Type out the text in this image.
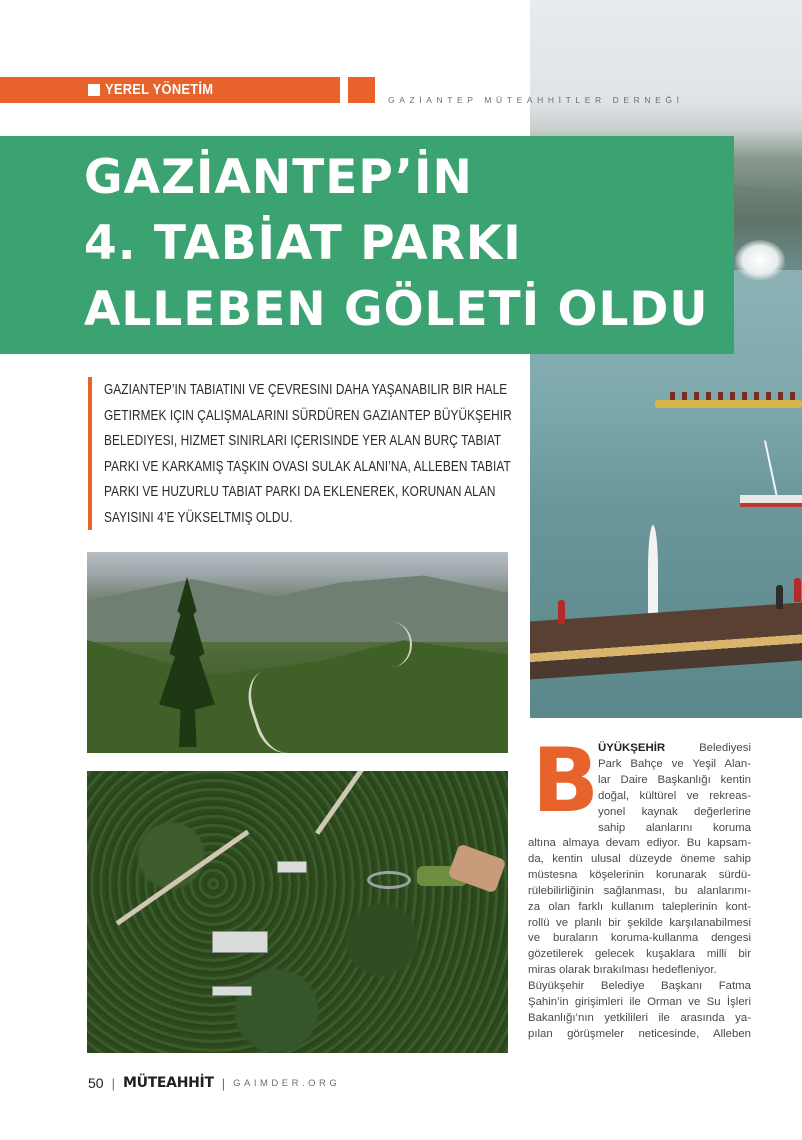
YEREL YÖNETİM
GAZİANTEP MÜTEAHHİTLER DERNEĞİ
GAZİANTEP’İN
4. TABİAT PARKI
ALLEBEN GÖLETİ OLDU

GAZIANTEP’IN TABIATINI VE ÇEVRESINI DAHA YAŞANABILIR BIR HALE GETIRMEK IÇIN ÇALIŞMALARINI SÜRDÜREN GAZIANTEP BÜYÜKŞEHIR BELEDIYESI, HIZMET SINIRLARI IÇERISINDE YER ALAN BURÇ TABIAT PARKI VE KARKAMIŞ TAŞKIN OVASI SULAK ALANI’NA, ALLEBEN TABIAT PARKI VE HUZURLU TABIAT PARKI DA EKLENEREK, KORUNAN ALAN SAYISINI 4’E YÜKSELTMIŞ OLDU.

B
ÜYÜKŞEHİR Belediyesi
Park Bahçe ve Yeşil Alan-
lar Daire Başkanlığı kentin
doğal, kültürel ve rekreas-
yonel kaynak değerlerine
sahip alanlarını koruma
altına almaya devam ediyor. Bu kapsam-
da, kentin ulusal düzeyde öneme sahip
müstesna köşelerinin korunarak sürdü-
rülebilirliğinin sağlanması, bu alanlarımı-
za olan farklı kullanım taleplerinin kont-
rollü ve planlı bir şekilde karşılanabilmesi
ve buraların koruma-kullanma dengesi
gözetilerek gelecek kuşaklara milli bir
miras olarak bırakılması hedefleniyor.
Büyükşehir Belediye Başkanı Fatma
Şahin’in girişimleri ile Orman ve Su İşleri
Bakanlığı’nın yetkilileri ile arasında ya-
pılan görüşmeler neticesinde, Alleben
50 | MÜTEAHHİT | GAIMDER.ORG
